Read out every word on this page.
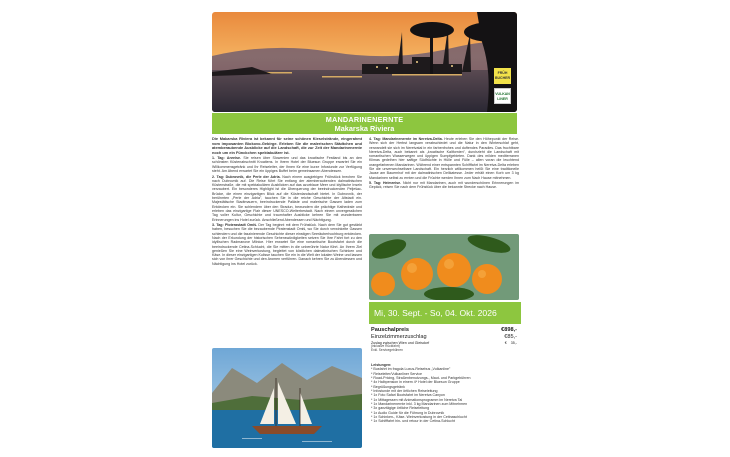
FRÜH BUCHER
VULKAN LINER
MANDARINENERNTE
Makarska Riviera

Die Makarska Riviera ist bekannt für seine schönen Kieselstrände, eingerahmt vom imposanten Biokovo-Gebirge. Erleben Sie die malerischen Städtchen und atemberaubende Ausblicke auf die Landschaft, die zur Zeit der Mandarinenernte noch um ein Fünckchen spektakulärer ist.

1. Tag: Anreise. Sie reisen über Slowenien und das kroatische Festland bis an den schönsten Küstenabschnitt Kroatiens. In Ihrem Hotel der Bluesun Gruppe erwartet Sie ein Willkommensgetränk und Ihr Reiseleiter, der Ihnen für eine kurze Infostunde zur Verfügung steht. Am Abend erwartet Sie ein üppiges Buffet beim gemeinsamen Abendessen.

2. Tag: Dubrovnik, die Perle der Adria. Nach einem ausgiebigen Frühstück brechen Sie nach Dubrovnik auf. Die Reise führt Sie entlang der atemberaubenden dalmatinischen Küstenstraße, die mit spektakulären Ausblicken auf das azurblaue Meer und idyllische Inseln verzaubert. Ein besonderes Highlight ist die Überquerung der beeindruckenden Pelješac-Brücke, die einen einzigartigen Blick auf die Küstenlandschaft bietet. In Dubrovnik, der berühmten „Perle der Adria", tauchen Sie in die reiche Geschichte der Altstadt ein. Majestätische Stadtmauern, beeindruckende Paläste und malerische Gassen laden zum Entdecken ein. Sie schlendern über den Stradun, bewundern die prächtige Kathedrale und erleben das einzigartige Flair dieser UNESCO-Welterbestadt. Nach einem unvergesslichen Tag voller Kultur, Geschichte und traumhafter Ausblicke kehren Sie mit wunderbaren Erinnerungen ins Hotel zurück. Anschließend Abendessen und Nächtigung.

3. Tag: Ploterastadt Omiš. Der Tag beginnt mit dem Frühstück. Nach dem Sie gut gestärkt haben, besuchen Sie die bezaubernde Piratenstadt Omiš, wo Sie durch verwinkelte Gassen schlendern und die faszinierende Geschichte dieser einstigen Seeräuberhochburg entdecken. Nach der Erkundung der historischen Sehenswürdigkeiten setzen Sie Ihre Fahrt fort zu den idyllischen Radmanove Mlinice. Hier erwartet Sie eine romantische Bootsfahrt durch die beeindruckende Cetina-Schlucht, die Sie mitten in die unberührte Natur führt. An Ihrem Ziel genießen Sie eine Weinverkostung, begleitet von köstlichen dalmatinischen Schinken und Käse. In dieser einzigartigen Kulisse tauchen Sie ein in die Welt der lokalen Weine und lassen sich von ihrer Geschichte und den Aromen verführen. Danach kehren Sie zu Abendessen und Nächtigung ins Hotel zurück.

4. Tag: Mandarinenernte im Neretva-Delta. Heute erleben Sie den Höhepunkt der Reise. Wenn sich der Herbst langsam verabschiedet und die Natur in den Winterschlaf geht, verwandelt sie sich im Neretvatal in ein farbenfrohes und duftendes Paradies. Das fruchtbare Neretva-Delta, auch bekannt als „kroatische Kalifornien", durchzieht die Landschaft mit romantischen Wasserwegen und üppigen Sumpfgebieten. Dank des milden mediterranen Klimas gedeihen hier saftige Südfrüchte in Hülle und Fülle – allen voran die leuchtend orangefarbenen Mandarinen. Während einer entspannten Schifffahrt im Neretva-Delta erleben Sie die unverwechselbare Landschaft. Ein herzlich willkommen heißt Sie eine traditionelle Jause am Bauernhof mit der dalmatinischen Delikatesse. Jeder erhält einen Korb um 3 kg Mandarinen selbst zu ernten und die Früchte werden Ihnen zum Nach Hause mitnehmen.

5. Tag: Heimreise. Nicht nur mit Mandarinen, auch mit wunderschönen Erinnerungen im Gepäck, reisen Sie nach dem Frühstück über die bekannte Strecke nach Hause.

Mi, 30. Sept. - So, 04. Okt. 2026
Pauschalpreis 	€898,-
Einzelzimmerzuschlag 	€85,-
Zuslag zwischen Wien und Gleisdorf	€ 35,-
(inklusive Rückfahrt)
Exkl. Servicegebühren
Leistungen:
* Busfahrt im fragola Luxus-Reisebus „Vulkanline"
* Reiseleiter/Vulkanliner Service
* Road-Pricing, Straßenbenutzungs-, Maut- und Parkgebühren
* 4x Halbpension in einem 4* Hotel der Bluesun Gruppe
* Begrüßungsgetränk
* Infostunde mit der örtlichen Reiseleitung
* 1x Foto Safari Bootsfahrt im Neretva Canyon
* 1x Mittagessen mit Animationsprogramm im Neretva Tal
* 1x Mandarinenernte inkl. 3 kg Mandarinen zum Mitnehmen
* 3x ganztägige örtliche Reiseleitung
* 1x Audio Guide für die Führung in Dubrovnik
* 1x Schinken-, Käse- Weinverkostung in der Cetinaschlucht
* 1x Schifffahrt hin- und retour in der Cetina-Schlucht
